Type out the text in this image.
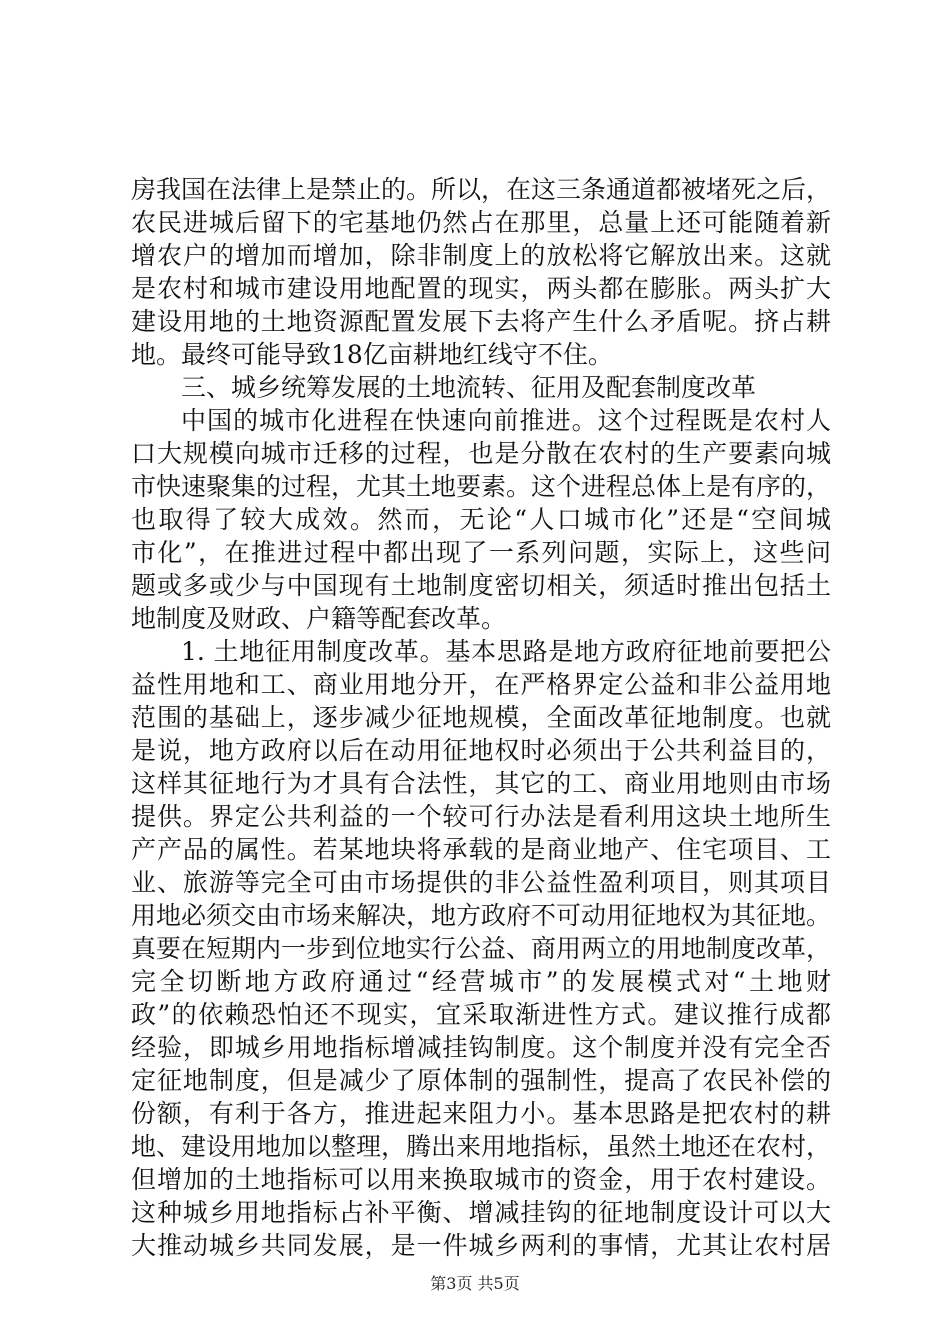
房我国在法律上是禁止的。所以，在这三条通道都被堵死之后，
农民进城后留下的宅基地仍然占在那里，总量上还可能随着新
增农户的增加而增加，除非制度上的放松将它解放出来。这就
是农村和城市建设用地配置的现实，两头都在膨胀。两头扩大
建设用地的土地资源配置发展下去将产生什么矛盾呢。挤占耕
地。最终可能导致18亿亩耕地红线守不住。
三、城乡统筹发展的土地流转、征用及配套制度改革
中国的城市化进程在快速向前推进。这个过程既是农村人
口大规模向城市迁移的过程，也是分散在农村的生产要素向城
市快速聚集的过程，尤其土地要素。这个进程总体上是有序的，
也取得了较大成效。然而，无论“人口城市化”还是“空间城
市化”，在推进过程中都出现了一系列问题，实际上，这些问
题或多或少与中国现有土地制度密切相关，须适时推出包括土
地制度及财政、户籍等配套改革。
1. 土地征用制度改革。基本思路是地方政府征地前要把公
益性用地和工、商业用地分开，在严格界定公益和非公益用地
范围的基础上，逐步减少征地规模，全面改革征地制度。也就
是说，地方政府以后在动用征地权时必须出于公共利益目的，
这样其征地行为才具有合法性，其它的工、商业用地则由市场
提供。界定公共利益的一个较可行办法是看利用这块土地所生
产产品的属性。若某地块将承载的是商业地产、住宅项目、工
业、旅游等完全可由市场提供的非公益性盈利项目，则其项目
用地必须交由市场来解决，地方政府不可动用征地权为其征地。
真要在短期内一步到位地实行公益、商用两立的用地制度改革，
完全切断地方政府通过“经营城市”的发展模式对“土地财
政”的依赖恐怕还不现实，宜采取渐进性方式。建议推行成都
经验，即城乡用地指标增减挂钩制度。这个制度并没有完全否
定征地制度，但是减少了原体制的强制性，提高了农民补偿的
份额，有利于各方，推进起来阻力小。基本思路是把农村的耕
地、建设用地加以整理，腾出来用地指标，虽然土地还在农村，
但增加的土地指标可以用来换取城市的资金，用于农村建设。
这种城乡用地指标占补平衡、增减挂钩的征地制度设计可以大
大推动城乡共同发展，是一件城乡两利的事情，尤其让农村居
第3页 共5页
